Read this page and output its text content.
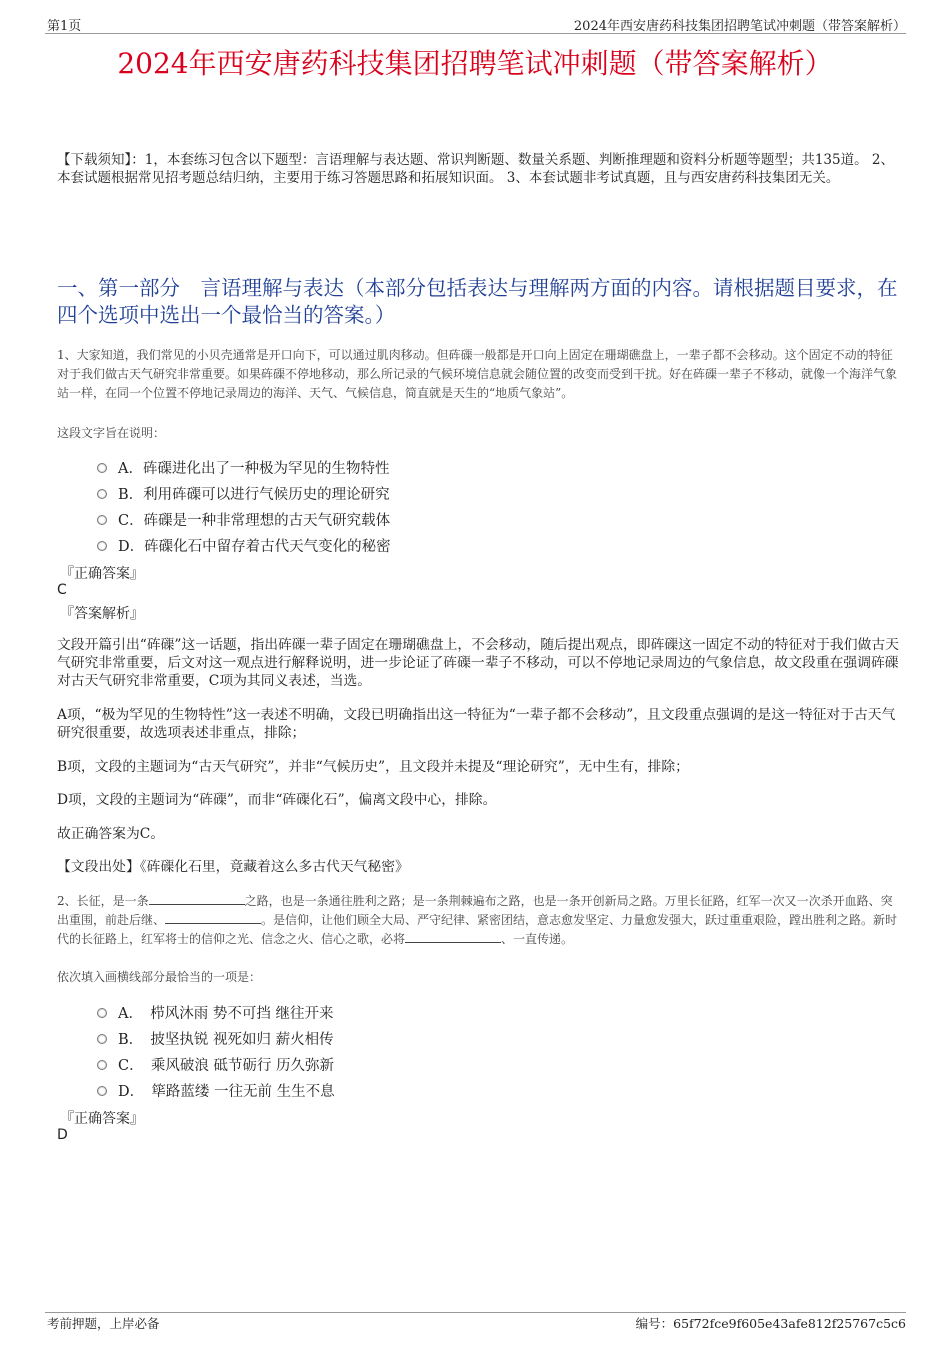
第1页	2024年西安唐药科技集团招聘笔试冲刺题（带答案解析）
2024年西安唐药科技集团招聘笔试冲刺题（带答案解析）
【下载须知】：1，本套练习包含以下题型：言语理解与表达题、常识判断题、数量关系题、判断推理题和资料分析题等题型；共135道。 2、本套试题根据常见招考题总结归纳，主要用于练习答题思路和拓展知识面。 3、本套试题非考试真题，且与西安唐药科技集团无关。
一、第一部分　言语理解与表达（本部分包括表达与理解两方面的内容。请根据题目要求，在四个选项中选出一个最恰当的答案。）
1、大家知道，我们常见的小贝壳通常是开口向下，可以通过肌肉移动。但砗磲一般都是开口向上固定在珊瑚礁盘上，一辈子都不会移动。这个固定不动的特征对于我们做古天气研究非常重要。如果砗磲不停地移动，那么所记录的气候环境信息就会随位置的改变而受到干扰。好在砗磲一辈子不移动，就像一个海洋气象站一样，在同一个位置不停地记录周边的海洋、天气、气候信息，简直就是天生的“地质气象站”。
这段文字旨在说明：
A．砗磲进化出了一种极为罕见的生物特性
B．利用砗磲可以进行气候历史的理论研究
C．砗磲是一种非常理想的古天气研究载体
D．砗磲化石中留存着古代天气变化的秘密
『正确答案』
C
『答案解析』
文段开篇引出“砗磲”这一话题，指出砗磲一辈子固定在珊瑚礁盘上，不会移动，随后提出观点，即砗磲这一固定不动的特征对于我们做古天气研究非常重要，后文对这一观点进行解释说明，进一步论证了砗磲一辈子不移动，可以不停地记录周边的气象信息，故文段重在强调砗磲对古天气研究非常重要，C项为其同义表述，当选。
A项，“极为罕见的生物特性”这一表述不明确，文段已明确指出这一特征为“一辈子都不会移动”，且文段重点强调的是这一特征对于古天气研究很重要，故选项表述非重点，排除；
B项，文段的主题词为“古天气研究”，并非“气候历史”，且文段并未提及“理论研究”，无中生有，排除；
D项，文段的主题词为“砗磲”，而非“砗磲化石”，偏离文段中心，排除。
故正确答案为C。
【文段出处】《砗磲化石里，竟藏着这么多古代天气秘密》
2、长征，是一条	之路，也是一条通往胜利之路；是一条荆棘遍布之路，也是一条开创新局之路。万里长征路，红军一次又一次杀开血路、突出重围，前赴后继、	。是信仰，让他们顾全大局、严守纪律、紧密团结，意志愈发坚定、力量愈发强大，跃过重重艰险，蹚出胜利之路。新时代的长征路上，红军将士的信仰之光、信念之火、信心之歌，必将	、一直传递。
依次填入画横线部分最恰当的一项是：
A．　栉风沐雨 势不可挡 继往开来
B．　披坚执锐 视死如归 薪火相传
C．　乘风破浪 砥节砺行 历久弥新
D．　筚路蓝缕 一往无前 生生不息
『正确答案』
D
考前押题，上岸必备	编号：65f72fce9f605e43afe812f25767c5c6
